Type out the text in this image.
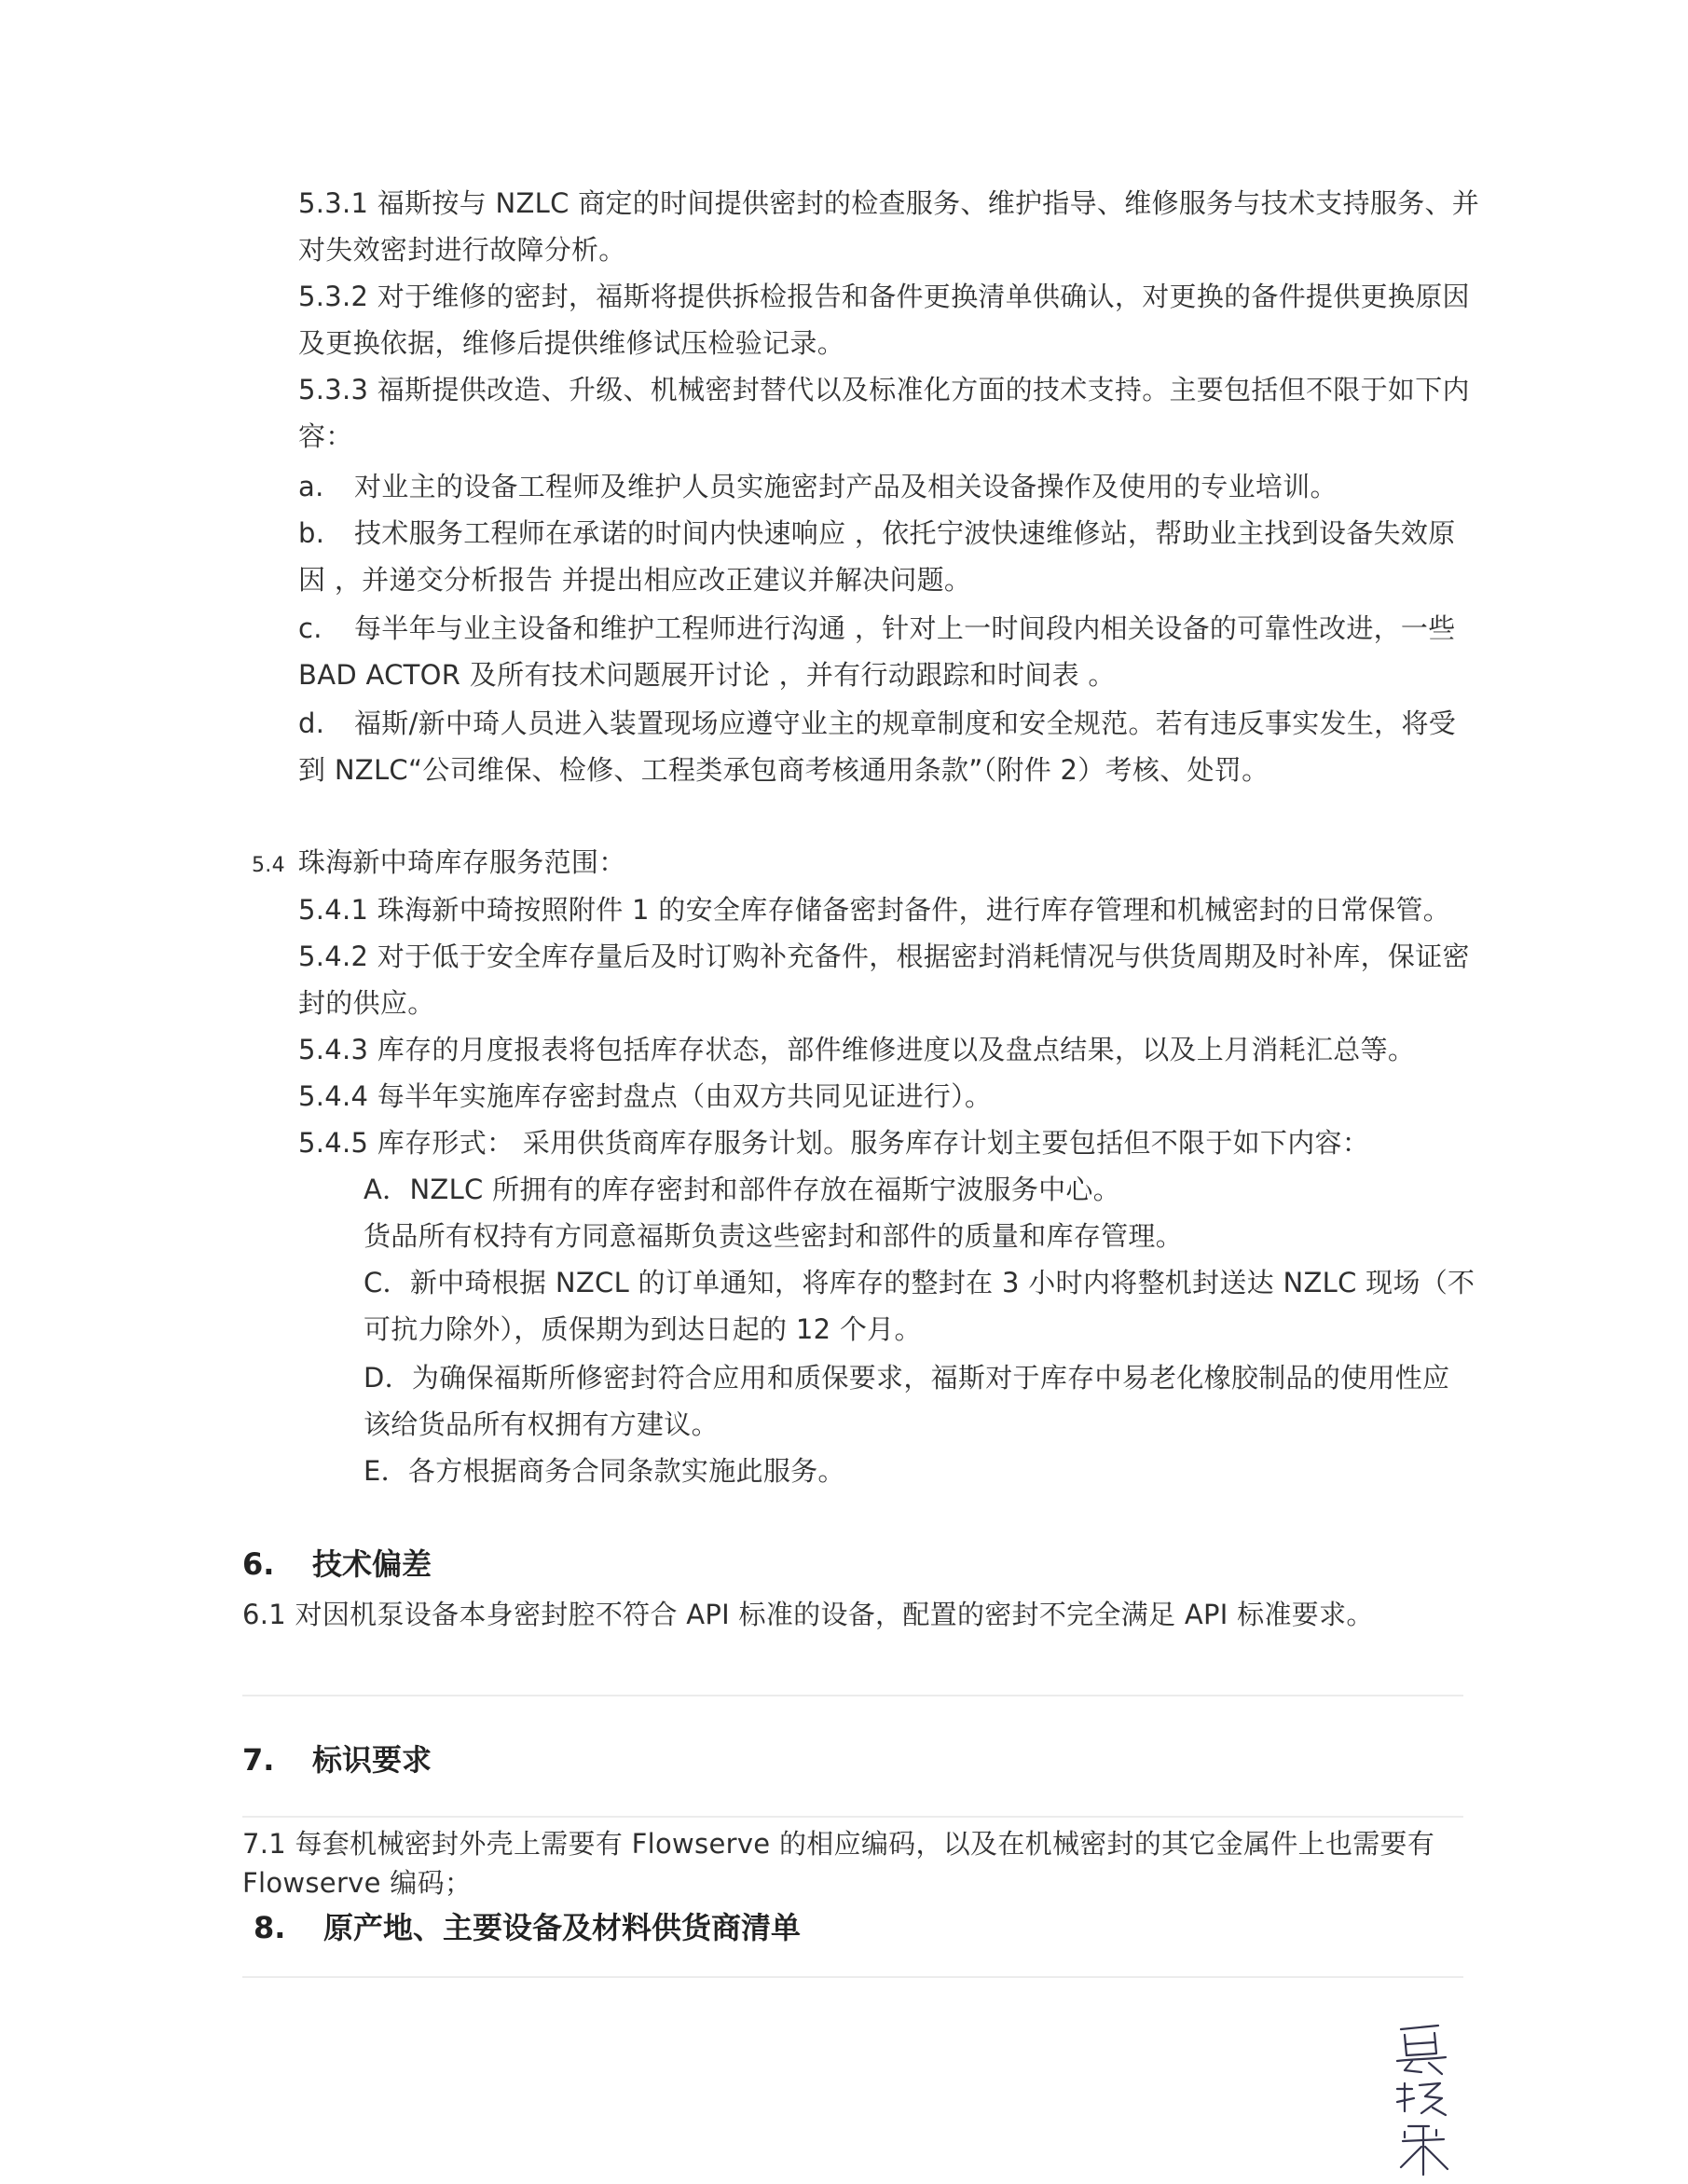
5.3.1 福斯按与 NZLC 商定的时间提供密封的检查服务、维护指导、维修服务与技术支持服务、并
对失效密封进行故障分析。
5.3.2 对于维修的密封，福斯将提供拆检报告和备件更换清单供确认，对更换的备件提供更换原因
及更换依据，维修后提供维修试压检验记录。
5.3.3 福斯提供改造、升级、机械密封替代以及标准化方面的技术支持。主要包括但不限于如下内
容：
a. 对业主的设备工程师及维护人员实施密封产品及相关设备操作及使用的专业培训。
b. 技术服务工程师在承诺的时间内快速响应 ，依托宁波快速维修站，帮助业主找到设备失效原
因 ，并递交分析报告 并提出相应改正建议并解决问题。
c. 每半年与业主设备和维护工程师进行沟通 ，针对上一时间段内相关设备的可靠性改进，一些
BAD ACTOR 及所有技术问题展开讨论 ，并有行动跟踪和时间表 。
d. 福斯/新中琦人员进入装置现场应遵守业主的规章制度和安全规范。若有违反事实发生，将受
到 NZLC“公司维保、检修、工程类承包商考核通用条款”（附件 2）考核、处罚。
5.4 珠海新中琦库存服务范围：
5.4.1 珠海新中琦按照附件 1 的安全库存储备密封备件，进行库存管理和机械密封的日常保管。
5.4.2 对于低于安全库存量后及时订购补充备件，根据密封消耗情况与供货周期及时补库，保证密
封的供应。
5.4.3 库存的月度报表将包括库存状态，部件维修进度以及盘点结果，以及上月消耗汇总等。
5.4.4 每半年实施库存密封盘点（由双方共同见证进行）。
5.4.5 库存形式： 采用供货商库存服务计划。服务库存计划主要包括但不限于如下内容：
A．NZLC 所拥有的库存密封和部件存放在福斯宁波服务中心。
货品所有权持有方同意福斯负责这些密封和部件的质量和库存管理。
C．新中琦根据 NZCL 的订单通知，将库存的整封在 3 小时内将整机封送达 NZLC 现场（不
可抗力除外），质保期为到达日起的 12 个月。
D．为确保福斯所修密封符合应用和质保要求，福斯对于库存中易老化橡胶制品的使用性应
该给货品所有权拥有方建议。
E．各方根据商务合同条款实施此服务。
6. 技术偏差
6.1 对因机泵设备本身密封腔不符合 API 标准的设备，配置的密封不完全满足 API 标准要求。
7. 标识要求
7.1 每套机械密封外壳上需要有 Flowserve 的相应编码，以及在机械密封的其它金属件上也需要有
Flowserve 编码；
8. 原产地、主要设备及材料供货商清单
